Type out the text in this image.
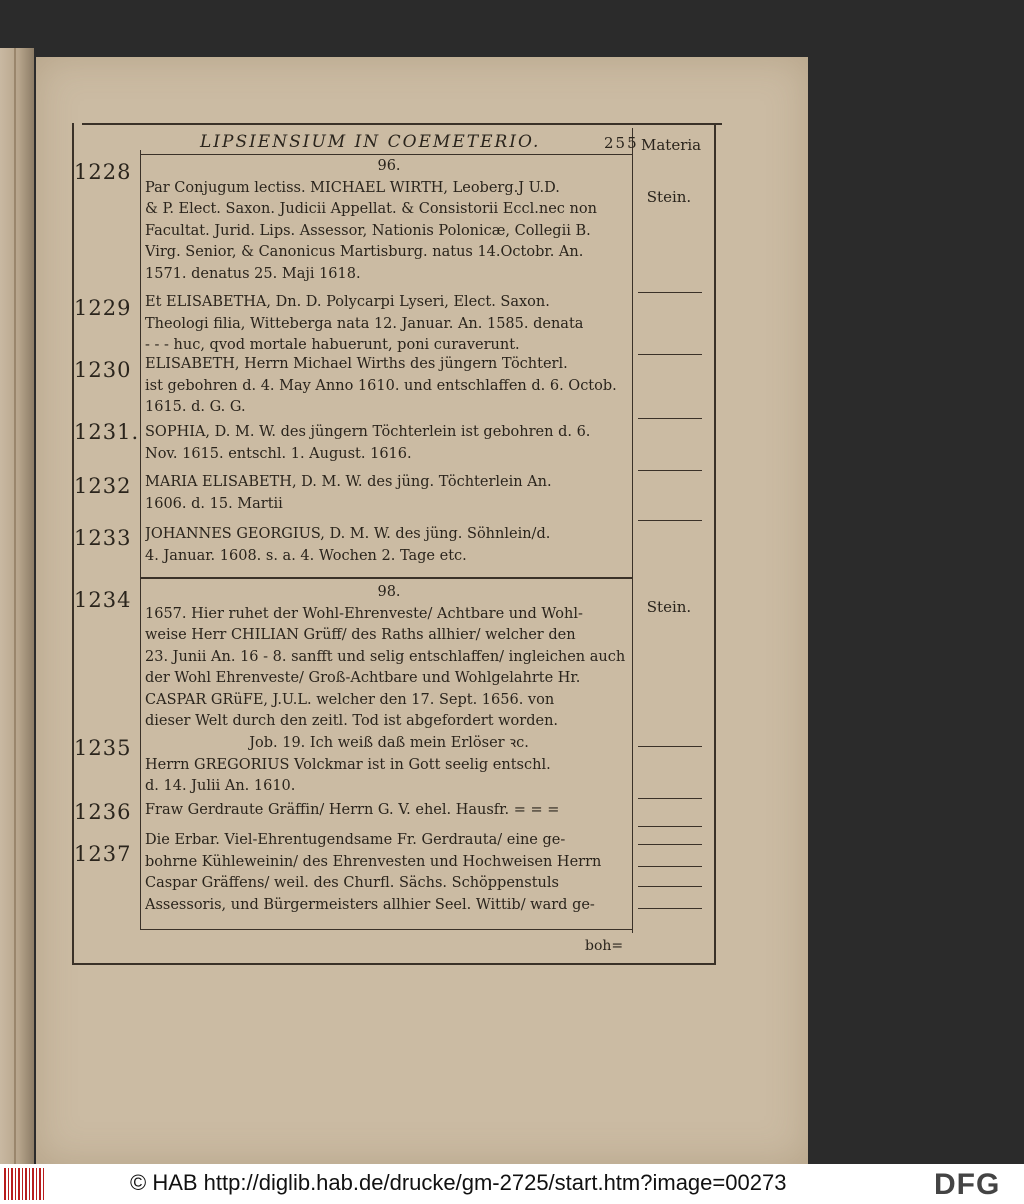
LIPSIENSIUM IN COEMETERIO.	255 Materia
1228	96.
Par Conjugum lectiss. MICHAEL WIRTH, Leoberg.J U.D.
& P. Elect. Saxon. Judicii Appellat. & Consistorii Eccl.nec non
Facultat. Jurid. Lips. Assessor, Nationis Polonicæ, Collegii B.
Virg. Senior, & Canonicus Martisburg. natus 14.Octobr. An.
1571. denatus 25. Maji 1618.
Stein.
1229 Et ELISABETHA, Dn. D. Polycarpi Lyseri, Elect. Saxon.
Theologi filia, Witteberga nata 12. Januar. An. 1585. denata
- - - huc, qvod mortale habuerunt, poni curaverunt.
1230 ELISABETH, Herrn Michael Wirths des jüngern Töchterl.
ist gebohren d. 4. May Anno 1610. und entschlaffen d. 6. Octob.
1615. d. G. G.
1231. SOPHIA, D. M. W. des jüngern Töchterlein ist gebohren d. 6.
Nov. 1615. entschl. 1. August. 1616.
1232 MARIA ELISABETH, D. M. W. des jüng. Töchterlein An.
1606. d. 15. Martii
1233 JOHANNES GEORGIUS, D. M. W. des jüng. Söhnlein/d.
4. Januar. 1608. s. a. 4. Wochen 2. Tage etc.
1234	98.
1657. Hier ruhet der Wohl-Ehrenveste/ Achtbare und Wohl-
weise Herr CHILIAN Grüff/ des Raths allhier/ welcher den
23. Junii An. 16 - 8. sanfft und selig entschlaffen/ ingleichen auch
der Wohl Ehrenveste/ Groß-Achtbare und Wohlgelahrte Hr.
CASPAR GRüFE, J.U.L. welcher den 17. Sept. 1656. von
dieser Welt durch den zeitl. Tod ist abgefordert worden.
Stein.
1235	Job. 19. Ich weiß daß mein Erlöser ꝛc.
Herrn GREGORIUS Volckmar ist in Gott seelig entschl.
d. 14. Julii An. 1610.
1236 Fraw Gerdraute Gräffin/ Herrn G. V. ehel. Hausfr. = = =
1237
Die Erbar. Viel-Ehrentugendsame Fr. Gerdrauta/ eine ge-
bohrne Kühleweinin/ des Ehrenvesten und Hochweisen Herrn
Caspar Gräffens/ weil. des Churfl. Sächs. Schöppenstuls
Assessoris, und Bürgermeisters allhier Seel. Wittib/ ward ge-
boh=
© HAB http://diglib.hab.de/drucke/gm-2725/start.htm?image=00273	DFG
